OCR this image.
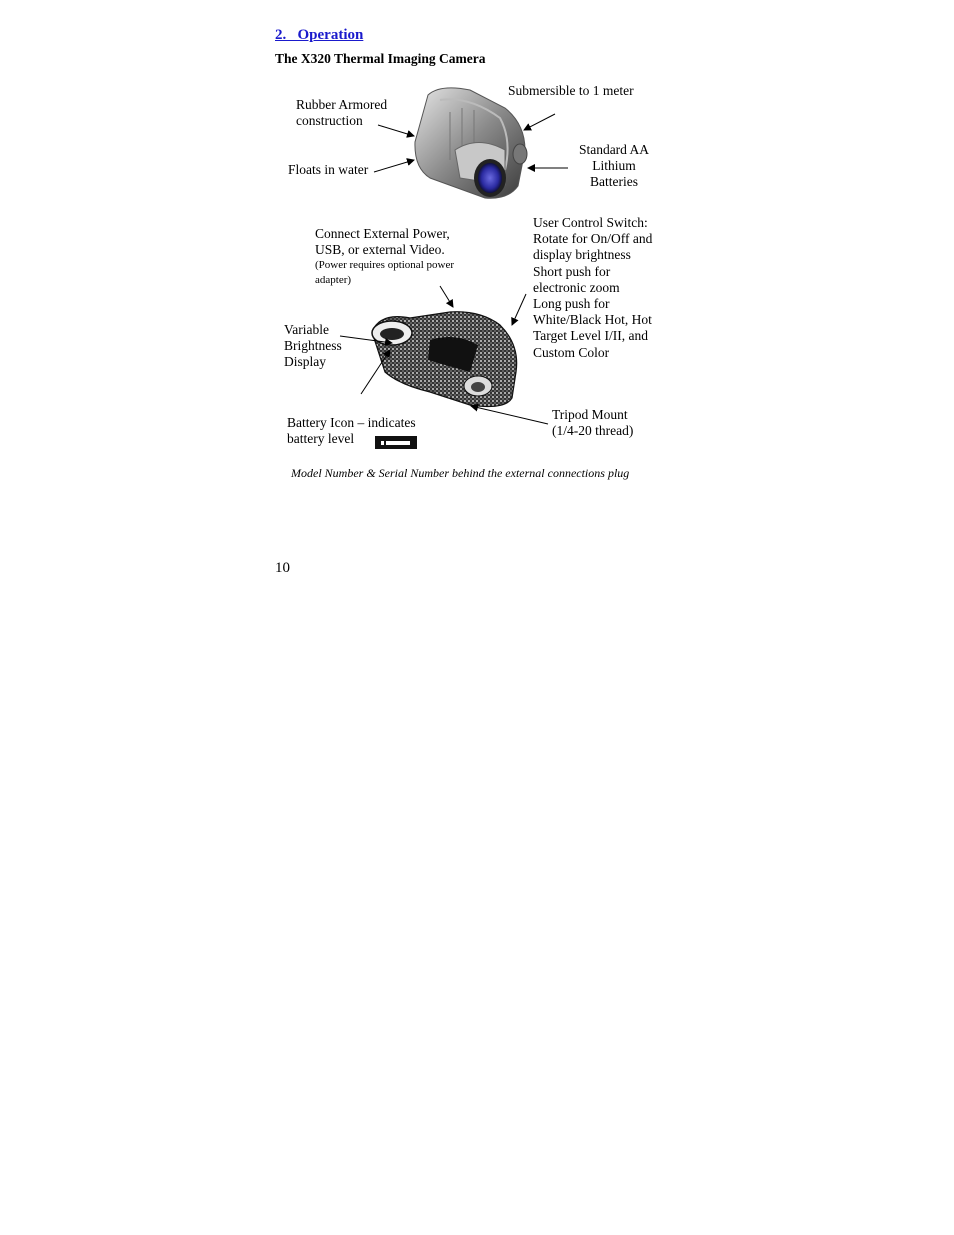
2.   Operation
The X320 Thermal Imaging Camera
Rubber Armored
construction
Submersible to 1 meter
Floats in water
Standard AA
Lithium
Batteries
Connect External Power,
USB, or external Video.
(Power requires optional power
adapter)
User Control Switch:
Rotate for On/Off and
display brightness
Short push for
electronic zoom
Long push for
White/Black Hot, Hot
Target Level I/II, and
Custom Color
Variable
Brightness
Display
Battery Icon – indicates
battery level
Tripod Mount
(1/4-20 thread)
Model Number & Serial Number behind the external connections plug
10
